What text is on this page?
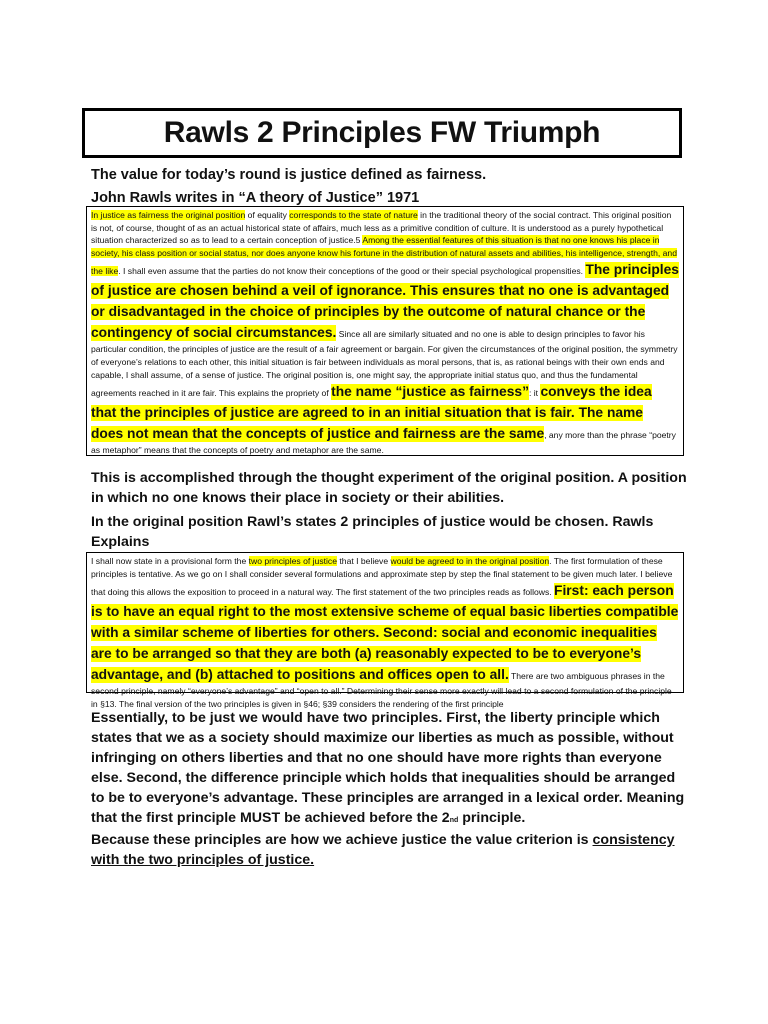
Rawls 2 Principles FW Triumph
The value for today’s round is justice defined as fairness.
John Rawls writes in “A theory of Justice” 1971
In justice as fairness the original position of equality corresponds to the state of nature in the traditional theory of the social contract. This original position is not, of course, thought of as an actual historical state of affairs, much less as a primitive condition of culture. It is understood as a purely hypothetical situation characterized so as to lead to a certain conception of justice.5 Among the essential features of this situation is that no one knows his place in society, his class position or social status, nor does anyone know his fortune in the distribution of natural assets and abilities, his intelligence, strength, and the like. I shall even assume that the parties do not know their conceptions of the good or their special psychological propensities. The principles of justice are chosen behind a veil of ignorance. This ensures that no one is advantaged or disadvantaged in the choice of principles by the outcome of natural chance or the contingency of social circumstances. Since all are similarly situated and no one is able to design principles to favor his particular condition, the principles of justice are the result of a fair agreement or bargain. For given the circumstances of the original position, the symmetry of everyone’s relations to each other, this initial situation is fair between individuals as moral persons, that is, as rational beings with their own ends and capable, I shall assume, of a sense of justice. The original position is, one might say, the appropriate initial status quo, and thus the fundamental agreements reached in it are fair. This explains the propriety of the name “justice as fairness”: it conveys the idea that the principles of justice are agreed to in an initial situation that is fair. The name does not mean that the concepts of justice and fairness are the same, any more than the phrase “poetry as metaphor” means that the concepts of poetry and metaphor are the same.

This is accomplished through the thought experiment of the original position. A position in which no one knows their place in society or their abilities.

In the original position Rawl’s states 2 principles of justice would be chosen. Rawls Explains

I shall now state in a provisional form the two principles of justice that I believe would be agreed to in the original position. The first formulation of these principles is tentative. As we go on I shall consider several formulations and approximate step by step the final statement to be given much later. I believe that doing this allows the exposition to proceed in a natural way. The first statement of the two principles reads as follows. First: each person is to have an equal right to the most extensive scheme of equal basic liberties compatible with a similar scheme of liberties for others. Second: social and economic inequalities are to be arranged so that they are both (a) reasonably expected to be to everyone’s advantage, and (b) attached to positions and offices open to all. There are two ambiguous phrases in the second principle, namely “everyone’s advantage” and “open to all.” Determining their sense more exactly will lead to a second formulation of the principle in §13. The final version of the two principles is given in §46; §39 considers the rendering of the first principle

Essentially, to be just we would have two principles. First, the liberty principle which states that we as a society should maximize our liberties as much as possible, without infringing on others liberties and that no one should have more rights than everyone else. Second, the difference principle which holds that inequalities should be arranged to be to everyone’s advantage. These principles are arranged in a lexical order. Meaning that the first principle MUST be achieved before the 2nd principle.

Because these principles are how we achieve justice the value criterion is consistency with the two principles of justice.
